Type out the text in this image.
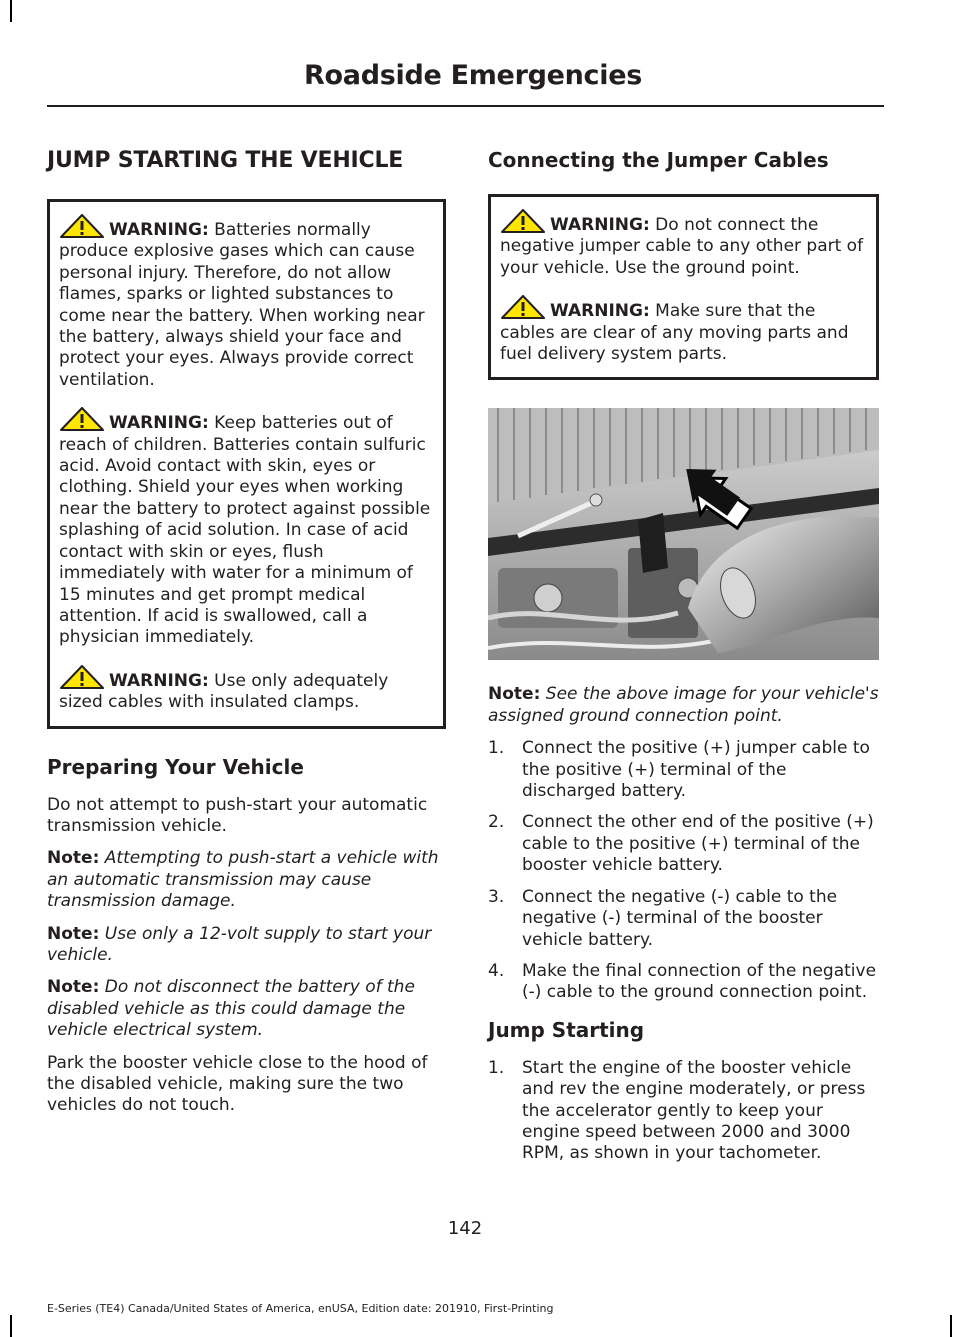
Roadside Emergencies
JUMP STARTING THE VEHICLE

WARNING: Batteries normally produce explosive gases which can cause personal injury. Therefore, do not allow flames, sparks or lighted substances to come near the battery. When working near the battery, always shield your face and protect your eyes. Always provide correct ventilation.

WARNING: Keep batteries out of reach of children. Batteries contain sulfuric acid. Avoid contact with skin, eyes or clothing. Shield your eyes when working near the battery to protect against possible splashing of acid solution. In case of acid contact with skin or eyes, flush immediately with water for a minimum of 15 minutes and get prompt medical attention. If acid is swallowed, call a physician immediately.

WARNING: Use only adequately sized cables with insulated clamps.

Preparing Your Vehicle

Do not attempt to push-start your automatic transmission vehicle.

Note: Attempting to push-start a vehicle with an automatic transmission may cause transmission damage.

Note: Use only a 12-volt supply to start your vehicle.

Note: Do not disconnect the battery of the disabled vehicle as this could damage the vehicle electrical system.

Park the booster vehicle close to the hood of the disabled vehicle, making sure the two vehicles do not touch.

Connecting the Jumper Cables

WARNING: Do not connect the negative jumper cable to any other part of your vehicle. Use the ground point.

WARNING: Make sure that the cables are clear of any moving parts and fuel delivery system parts.

Note: See the above image for your vehicle's assigned ground connection point.

1. Connect the positive (+) jumper cable to the positive (+) terminal of the discharged battery.
2. Connect the other end of the positive (+) cable to the positive (+) terminal of the booster vehicle battery.
3. Connect the negative (-) cable to the negative (-) terminal of the booster vehicle battery.
4. Make the final connection of the negative (-) cable to the ground connection point.
Jump Starting
1. Start the engine of the booster vehicle and rev the engine moderately, or press the accelerator gently to keep your engine speed between 2000 and 3000 RPM, as shown in your tachometer.
142
E-Series (TE4) Canada/United States of America, enUSA, Edition date: 201910, First-Printing
